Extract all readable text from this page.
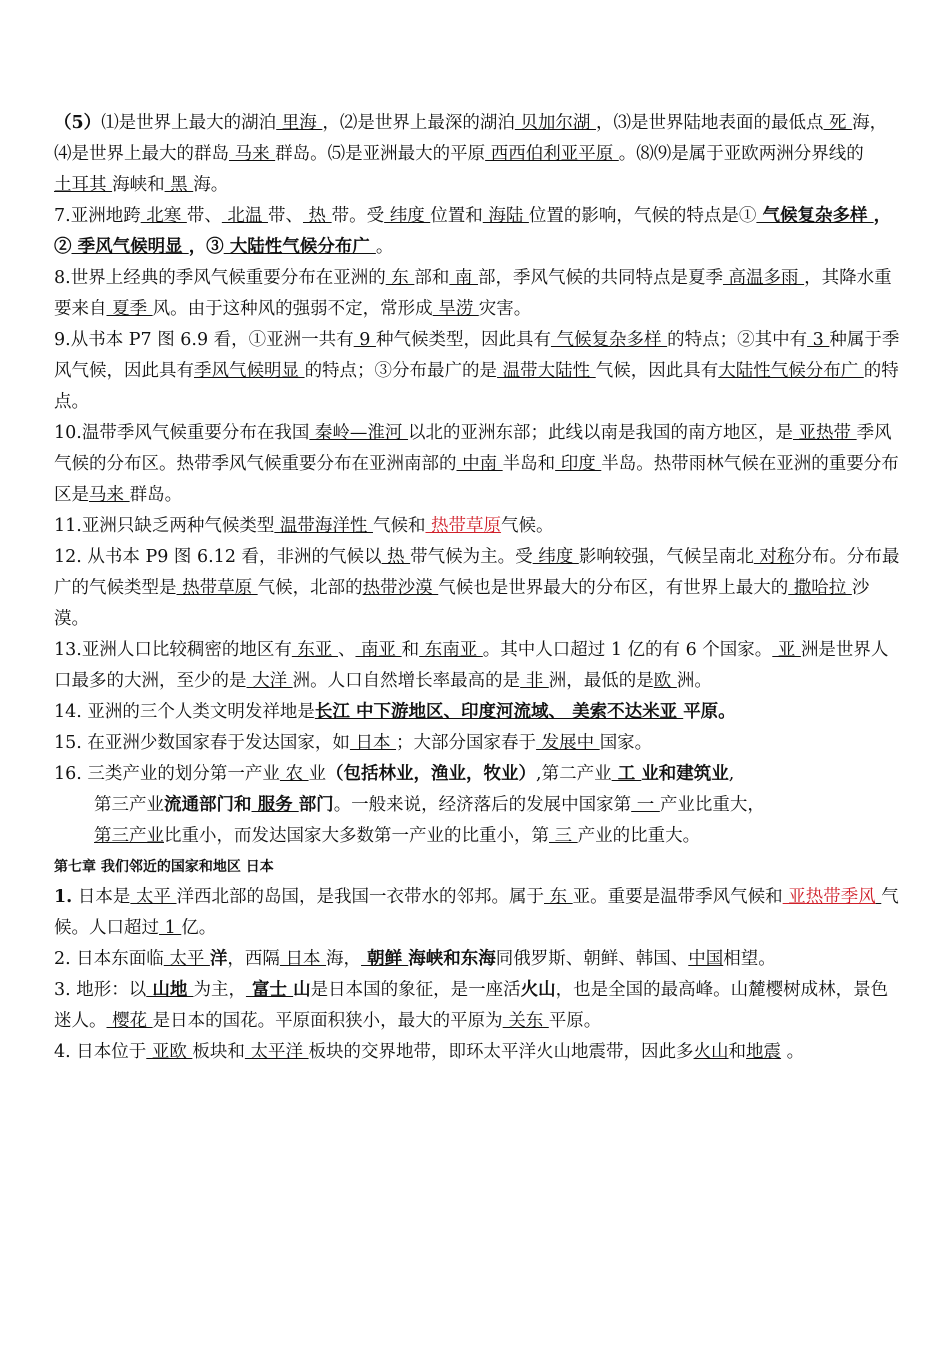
（5）⑴是世界上最大的湖泊 里海 ，⑵是世界上最深的湖泊 贝加尔湖 ，⑶是世界陆地表面的最低点 死 海，⑷是世界上最大的群岛 马来 群岛。⑸是亚洲最大的平原 西西伯利亚平原 。⑻⑼是属于亚欧两洲分界线的 土耳其 海峡和 黑 海。

7.亚洲地跨 北寒 带、 北温 带、 热 带。受 纬度 位置和 海陆 位置的影响，气候的特点是① 气候复杂多样 ，② 季风气候明显 ，③ 大陆性气候分布广 。

8.世界上经典的季风气候重要分布在亚洲的 东 部和 南 部，季风气候的共同特点是夏季 高温多雨 ，其降水重要来自 夏季 风。由于这种风的强弱不定，常形成 旱涝 灾害。

9.从书本 P7 图 6.9 看，①亚洲一共有 9 种气候类型，因此具有 气候复杂多样 的特点；②其中有 3 种属于季风气候，因此具有季风气候明显 的特点；③分布最广的是 温带大陆性 气候，因此具有大陆性气候分布广 的特点。

10.温带季风气候重要分布在我国 秦岭—淮河 以北的亚洲东部；此线以南是我国的南方地区，是 亚热带 季风气候的分布区。热带季风气候重要分布在亚洲南部的 中南 半岛和 印度 半岛。热带雨林气候在亚洲的重要分布区是马来 群岛。

11.亚洲只缺乏两种气候类型 温带海洋性 气候和 热带草原气候。

12. 从书本 P9 图 6.12 看，非洲的气候以 热 带气候为主。受 纬度 影响较强，气候呈南北 对称分布。分布最广的气候类型是 热带草原 气候，北部的热带沙漠 气候也是世界最大的分布区，有世界上最大的 撒哈拉 沙漠。

13.亚洲人口比较稠密的地区有 东亚 、 南亚 和 东南亚 。其中人口超过 1 亿的有 6 个国家。 亚 洲是世界人口最多的大洲，至少的是 大洋 洲。人口自然增长率最高的是 非 洲，最低的是欧 洲。

14. 亚洲的三个人类文明发祥地是长江 中下游地区、印度河流域、 美索不达米亚 平原。

15. 在亚洲少数国家春于发达国家，如 日本 ；大部分国家春于 发展中 国家。

16. 三类产业的划分第一产业 农 业（包括林业，渔业，牧业）,第二产业 工 业和建筑业,

第三产业流通部门和 服务 部门。一般来说，经济落后的发展中国家第 一 产业比重大，
第三产业比重小，而发达国家大多数第一产业的比重小，第 三 产业的比重大。

第七章 我们邻近的国家和地区 日本

1. 日本是 太平 洋西北部的岛国，是我国一衣带水的邻邦。属于 东 亚。重要是温带季风气候和 亚热带季风 气候。人口超过 1 亿。

2. 日本东面临 太平 洋，西隔 日本 海， 朝鲜 海峡和东海同俄罗斯、朝鲜、韩国、中国相望。

3. 地形：以 山地 为主， 富士 山是日本国的象征，是一座活火山，也是全国的最高峰。山麓樱树成林，景色迷人。 樱花 是日本的国花。平原面积狭小，最大的平原为 关东 平原。

4. 日本位于 亚欧 板块和 太平洋 板块的交界地带，即环太平洋火山地震带，因此多火山和地震 。
